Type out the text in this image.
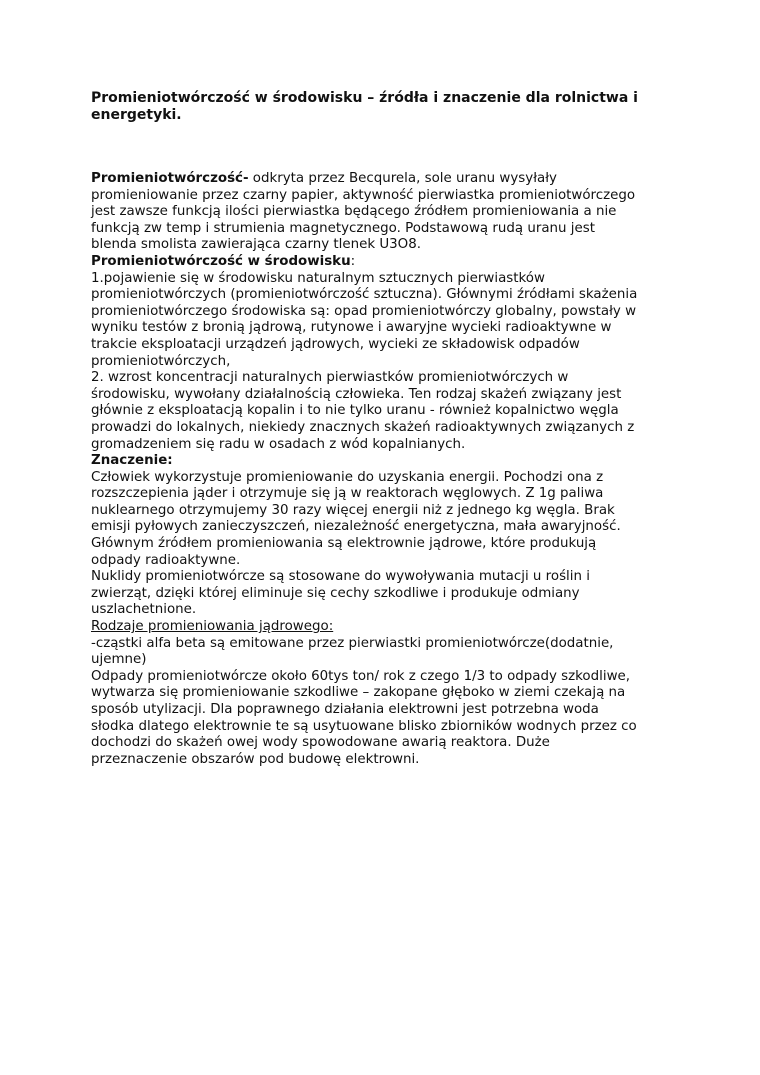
Promieniotwórczość w środowisku – źródła i znaczenie dla rolnictwa i
energetyki.
Promieniotwórczość- odkryta przez Becqurela, sole uranu wysyłały
promieniowanie przez czarny papier, aktywność pierwiastka promieniotwórczego
jest zawsze funkcją ilości pierwiastka będącego źródłem promieniowania a nie
funkcją zw temp i strumienia magnetycznego. Podstawową rudą uranu jest
blenda smolista zawierająca czarny tlenek U3O8.
Promieniotwórczość w środowisku:
1.pojawienie się w środowisku naturalnym sztucznych pierwiastków
promieniotwórczych (promieniotwórczość sztuczna). Głównymi źródłami skażenia
promieniotwórczego środowiska są: opad promieniotwórczy globalny, powstały w
wyniku testów z bronią jądrową, rutynowe i awaryjne wycieki radioaktywne w
trakcie eksploatacji urządzeń jądrowych, wycieki ze składowisk odpadów
promieniotwórczych,
2. wzrost koncentracji naturalnych pierwiastków promieniotwórczych w
środowisku, wywołany działalnością człowieka. Ten rodzaj skażeń związany jest
głównie z eksploatacją kopalin i to nie tylko uranu - również kopalnictwo węgla
prowadzi do lokalnych, niekiedy znacznych skażeń radioaktywnych związanych z
gromadzeniem się radu w osadach z wód kopalnianych.
Znaczenie:
Człowiek wykorzystuje promieniowanie do uzyskania energii. Pochodzi ona z
rozszczepienia jąder i otrzymuje się ją w reaktorach węglowych. Z 1g paliwa
nuklearnego otrzymujemy 30 razy więcej energii niż z jednego kg węgla. Brak
emisji pyłowych zanieczyszczeń, niezależność energetyczna, mała awaryjność.
Głównym źródłem promieniowania są elektrownie jądrowe, które produkują
odpady radioaktywne.
Nuklidy promieniotwórcze są stosowane do wywoływania mutacji u roślin i
zwierząt, dzięki której eliminuje się cechy szkodliwe i produkuje odmiany
uszlachetnione.
Rodzaje promieniowania jądrowego:
-cząstki alfa beta są emitowane przez pierwiastki promieniotwórcze(dodatnie,
ujemne)
Odpady promieniotwórcze około 60tys ton/ rok z czego 1/3 to odpady szkodliwe,
wytwarza się promieniowanie szkodliwe – zakopane głęboko w ziemi czekają na
sposób utylizacji. Dla poprawnego działania elektrowni jest potrzebna woda
słodka dlatego elektrownie te są usytuowane blisko zbiorników wodnych przez co
dochodzi do skażeń owej wody spowodowane awarią reaktora. Duże
przeznaczenie obszarów pod budowę elektrowni.
